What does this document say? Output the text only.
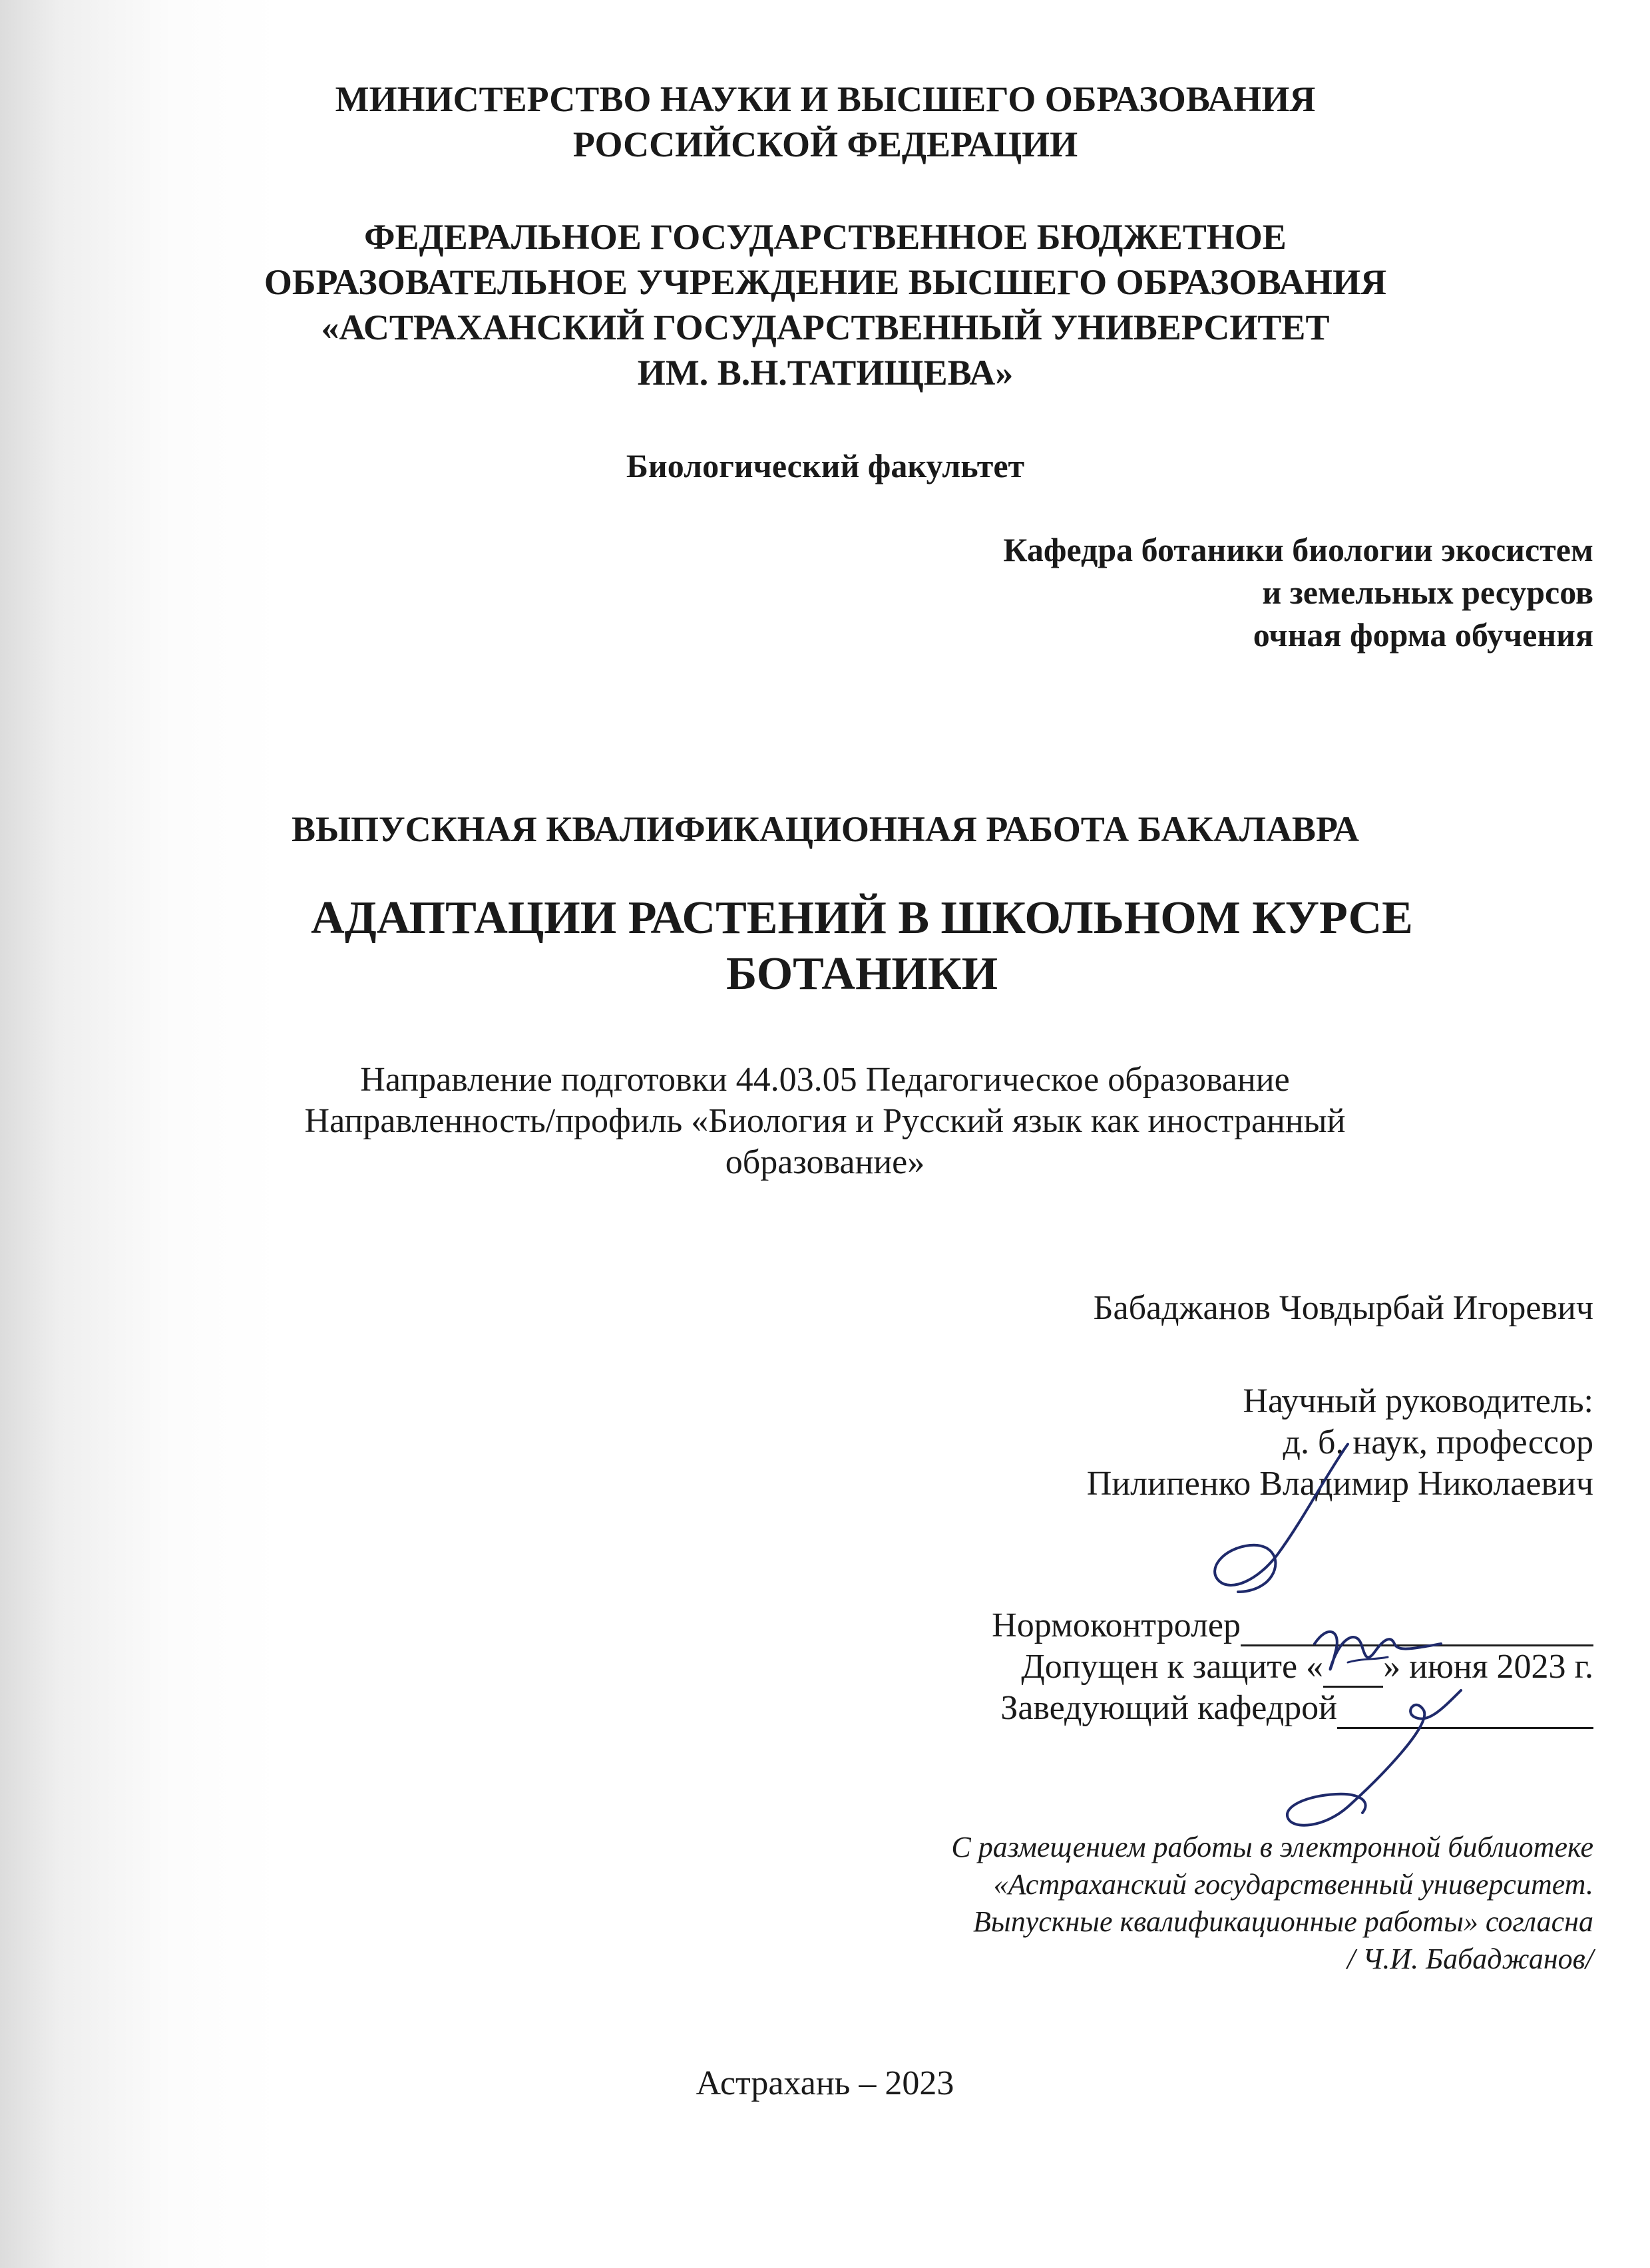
МИНИСТЕРСТВО НАУКИ И ВЫСШЕГО ОБРАЗОВАНИЯ
РОССИЙСКОЙ ФЕДЕРАЦИИ
ФЕДЕРАЛЬНОЕ ГОСУДАРСТВЕННОЕ БЮДЖЕТНОЕ
ОБРАЗОВАТЕЛЬНОЕ УЧРЕЖДЕНИЕ ВЫСШЕГО ОБРАЗОВАНИЯ
«АСТРАХАНСКИЙ ГОСУДАРСТВЕННЫЙ УНИВЕРСИТЕТ
ИМ. В.Н.ТАТИЩЕВА»
Биологический факультет
Кафедра ботаники биологии экосистем
и земельных ресурсов
очная форма обучения
ВЫПУСКНАЯ КВАЛИФИКАЦИОННАЯ РАБОТА БАКАЛАВРА
АДАПТАЦИИ РАСТЕНИЙ В ШКОЛЬНОМ КУРСЕ
БОТАНИКИ
Направление подготовки 44.03.05 Педагогическое образование
Направленность/профиль «Биология и Русский язык как иностранный
образование»
Бабаджанов Човдырбай Игоревич
Научный руководитель:
д. б. наук, профессор
Пилипенко Владимир Николаевич
Нормоконтролер
Допущен к защите « » июня 2023 г.
Заведующий кафедрой
С размещением работы в электронной библиотеке
«Астраханский государственный университет.
Выпускные квалификационные работы» согласна
/ Ч.И. Бабаджанов/
Астрахань – 2023
